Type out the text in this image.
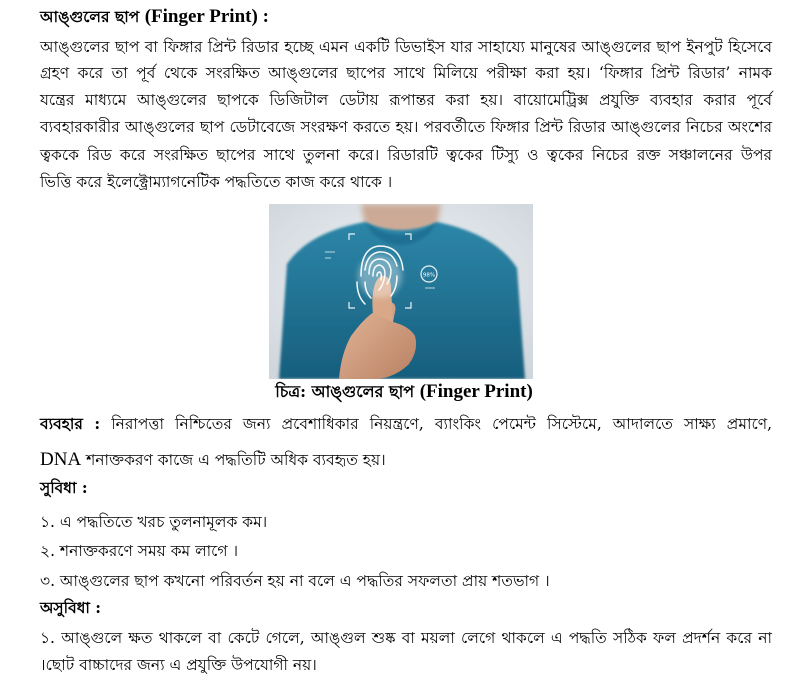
আঙ্গুলের ছাপ (Finger Print) :
আঙ্গুলের ছাপ বা ফিঙ্গার প্রিন্ট রিডার হচ্ছে এমন একটি ডিভাইস যার সাহায্যে মানুষের আঙ্গুলের ছাপ ইনপুট হিসেবে
গ্রহণ করে তা পূর্ব থেকে সংরক্ষিত আঙ্গুলের ছাপের সাথে মিলিয়ে পরীক্ষা করা হয়। ‘ফিঙ্গার প্রিন্ট রিডার’ নামক
যন্ত্রের মাধ্যমে আঙ্গুলের ছাপকে ডিজিটাল ডেটায় রূপান্তর করা হয়। বায়োমেট্রিক্স প্রযুক্তি ব্যবহার করার পূর্বে
ব্যবহারকারীর আঙ্গুলের ছাপ ডেটাবেজে সংরক্ষণ করতে হয়। পরবর্তীতে ফিঙ্গার প্রিন্ট রিডার আঙ্গুলের নিচের অংশের
ত্বককে রিড করে সংরক্ষিত ছাপের সাথে তুলনা করে। রিডারটি ত্বকের টিস্যু ও ত্বকের নিচের রক্ত সঞ্চালনের উপর
ভিত্তি করে ইলেক্ট্রোম্যাগনেটিক পদ্ধতিতে কাজ করে থাকে ।
98%
চিত্র: আঙ্গুলের ছাপ (Finger Print)
ব্যবহার : নিরাপত্তা নিশ্চিতের জন্য প্রবেশাধিকার নিয়ন্ত্রণে, ব্যাংকিং পেমেন্ট সিস্টেমে, আদালতে সাক্ষ্য প্রমাণে,
DNA শনাক্তকরণ কাজে এ পদ্ধতিটি অধিক ব্যবহৃত হয়।
সুবিধা :
১. এ পদ্ধতিতে খরচ তুলনামূলক কম।
২. শনাক্তকরণে সময় কম লাগে ।
৩. আঙ্গুলের ছাপ কখনো পরিবর্তন হয় না বলে এ পদ্ধতির সফলতা প্রায় শতভাগ ।
অসুবিধা :
১. আঙ্গুলে ক্ষত থাকলে বা কেটে গেলে, আঙ্গুল শুষ্ক বা ময়লা লেগে থাকলে এ পদ্ধতি সঠিক ফল প্রদর্শন করে না
।ছোট বাচ্চাদের জন্য এ প্রযুক্তি উপযোগী নয়।
